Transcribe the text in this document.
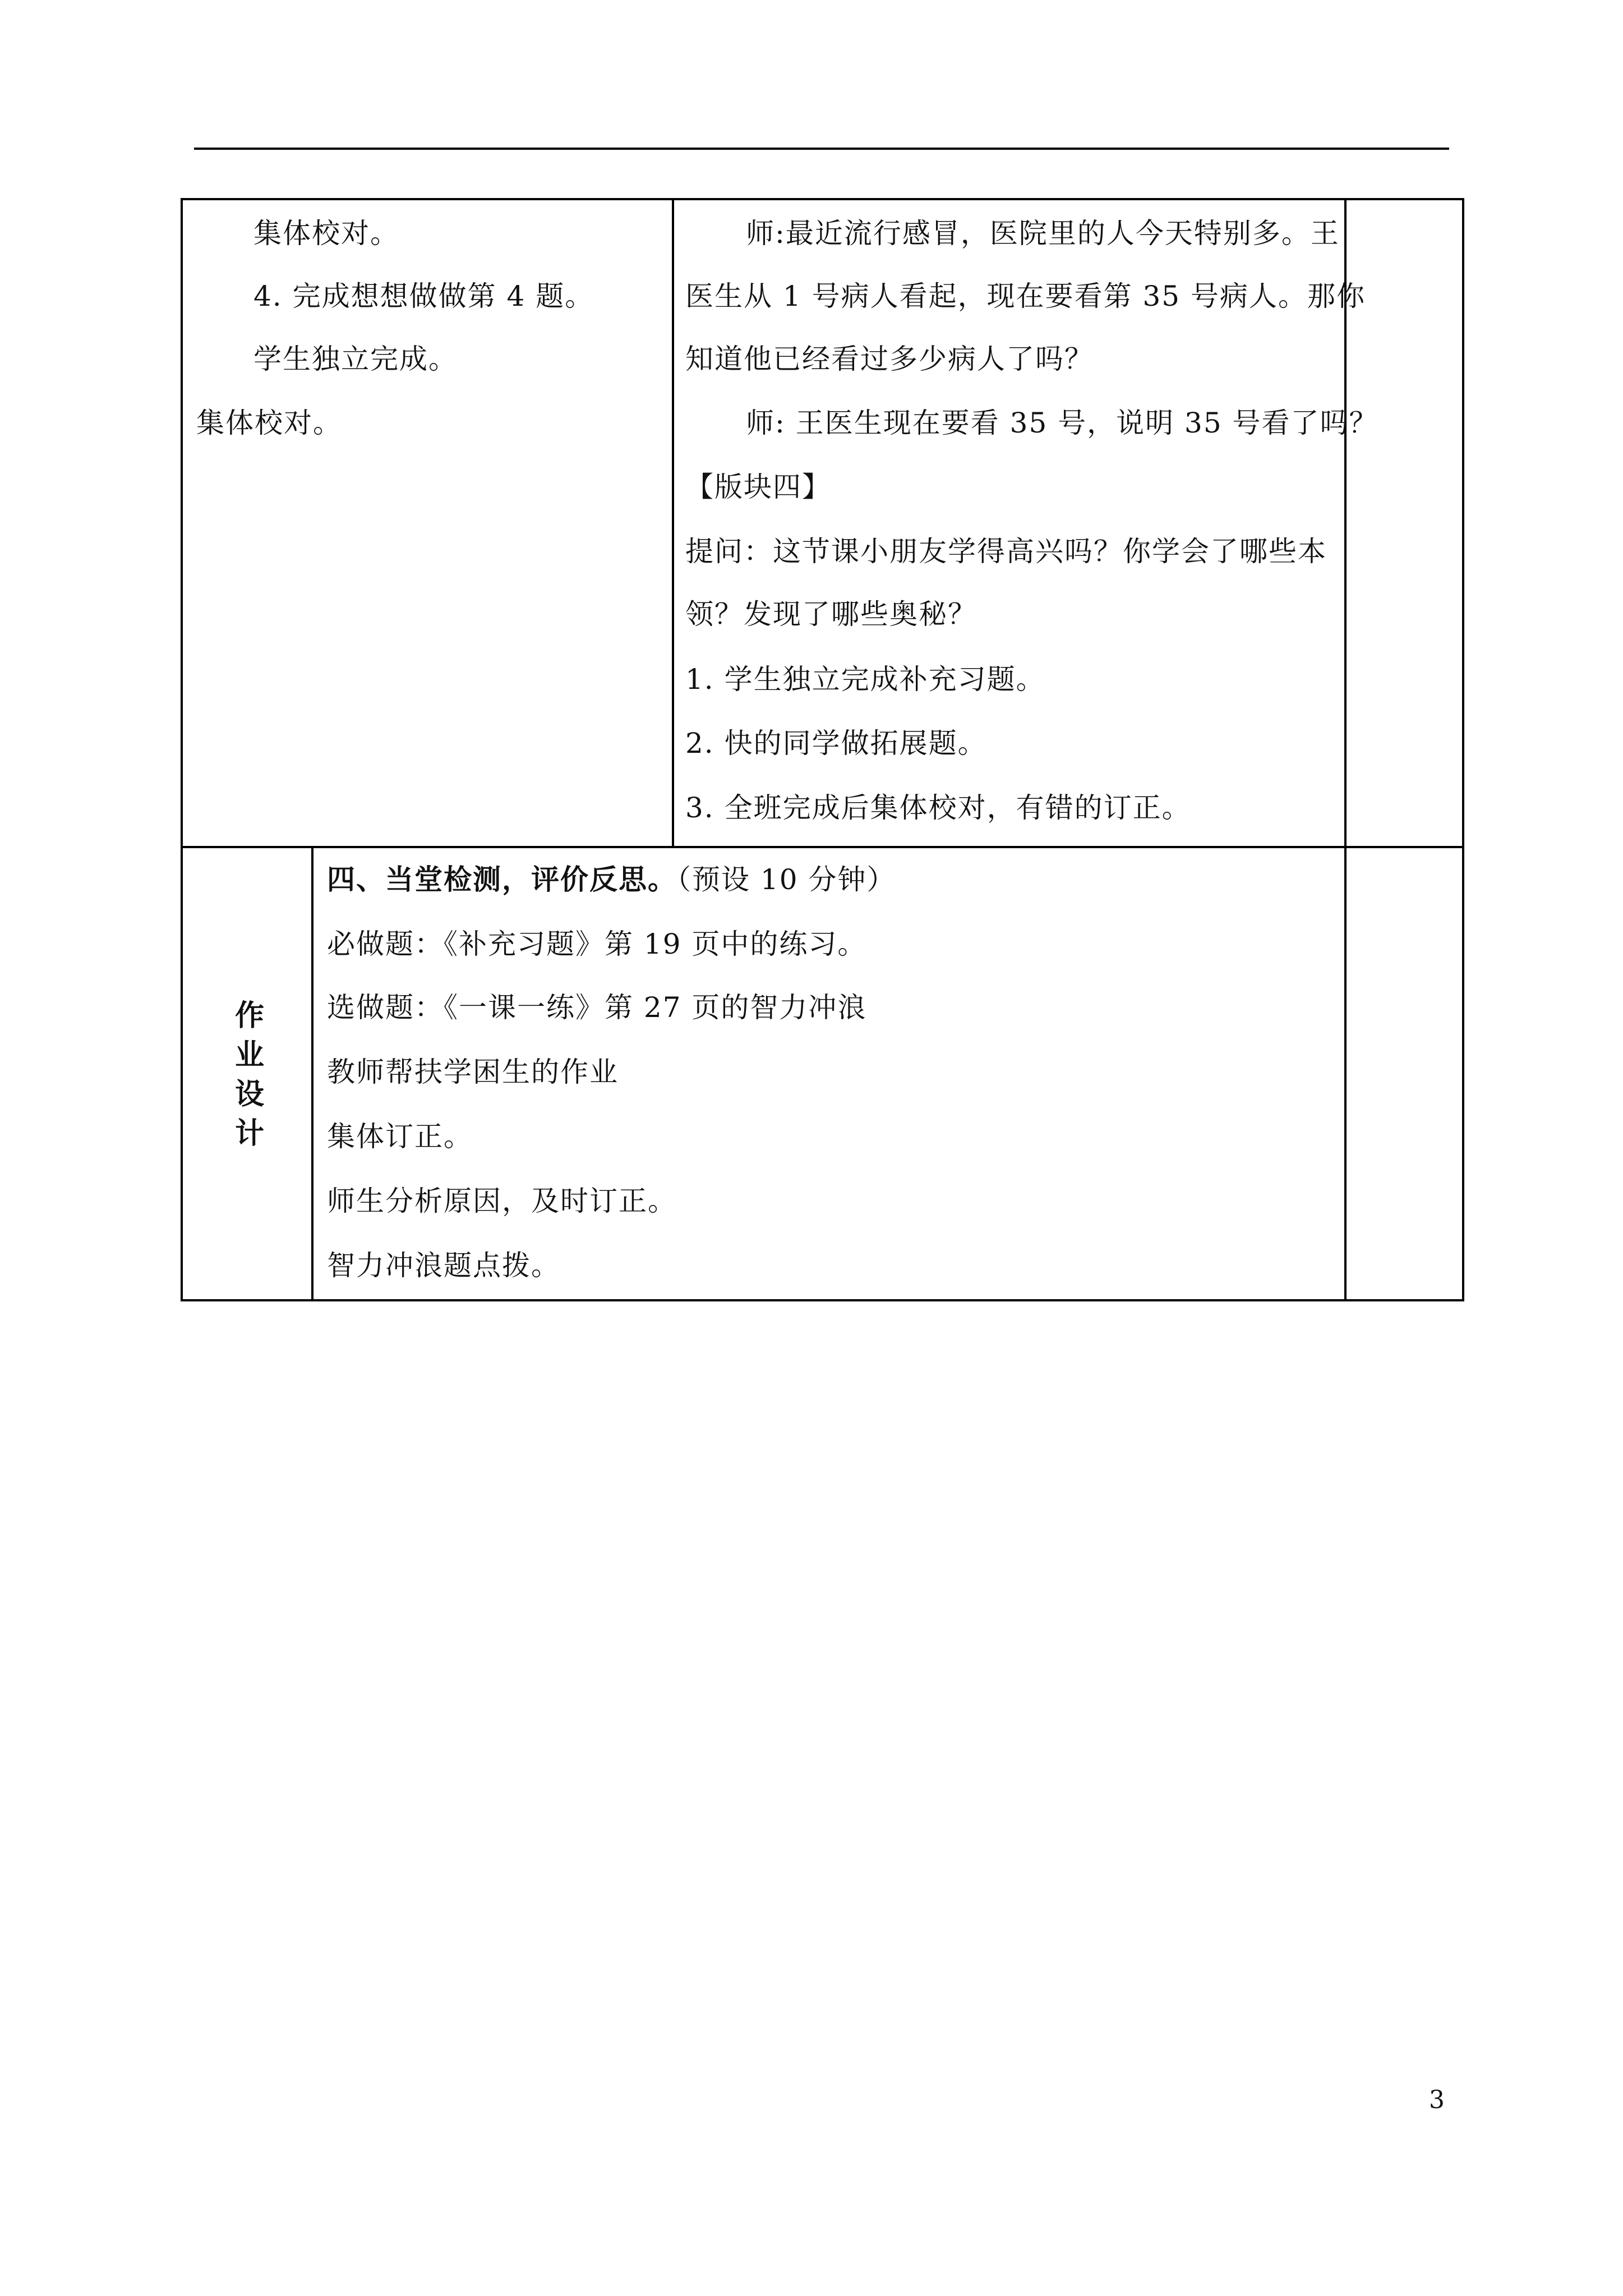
集体校对。
4. 完成想想做做第 4 题。
学生独立完成。
集体校对。
师:最近流行感冒，医院里的人今天特别多。王
医生从 1 号病人看起，现在要看第 35 号病人。那你
知道他已经看过多少病人了吗？
师: 王医生现在要看 35 号，说明 35 号看了吗？
【版块四】
提问：这节课小朋友学得高兴吗？你学会了哪些本
领？发现了哪些奥秘？
1. 学生独立完成补充习题。
2. 快的同学做拓展题。
3. 全班完成后集体校对，有错的订正。
作
业
设
计
四、当堂检测，评价反思。（预设 10 分钟）
必做题：《补充习题》第 19 页中的练习。
选做题：《一课一练》第 27 页的智力冲浪
教师帮扶学困生的作业
集体订正。
师生分析原因，及时订正。
智力冲浪题点拨。
3
